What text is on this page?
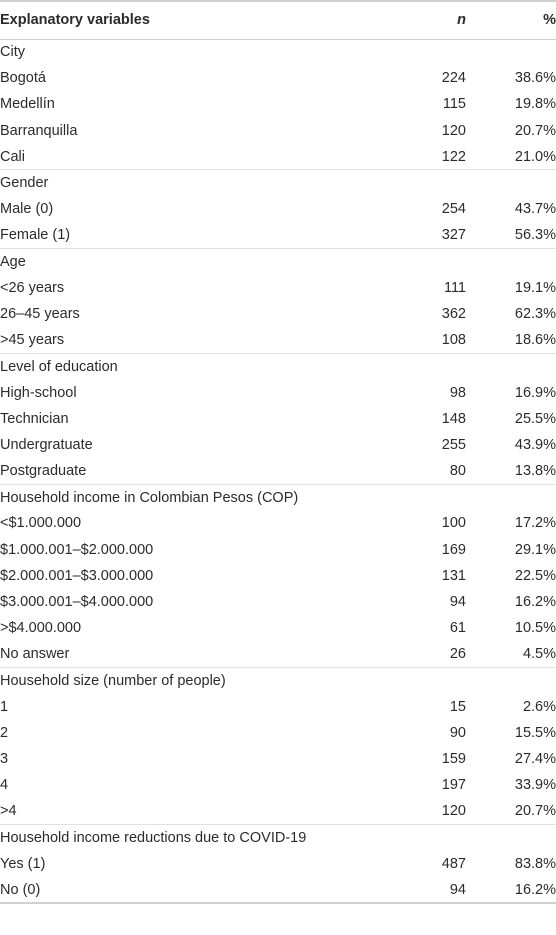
Explanatory variables	n	%
City		
Bogotá	224	38.6%
Medellín	115	19.8%
Barranquilla	120	20.7%
Cali	122	21.0%
Gender		
Male (0)	254	43.7%
Female (1)	327	56.3%
Age		
<26 years	111	19.1%
26–45 years	362	62.3%
>45 years	108	18.6%
Level of education		
High-school	98	16.9%
Technician	148	25.5%
Undergratuate	255	43.9%
Postgraduate	80	13.8%
Household income in Colombian Pesos (COP)		
<$1.000.000	100	17.2%
$1.000.001–$2.000.000	169	29.1%
$2.000.001–$3.000.000	131	22.5%
$3.000.001–$4.000.000	94	16.2%
>$4.000.000	61	10.5%
No answer	26	4.5%
Household size (number of people)		
1	15	2.6%
2	90	15.5%
3	159	27.4%
4	197	33.9%
>4	120	20.7%
Household income reductions due to COVID-19		
Yes (1)	487	83.8%
No (0)	94	16.2%
